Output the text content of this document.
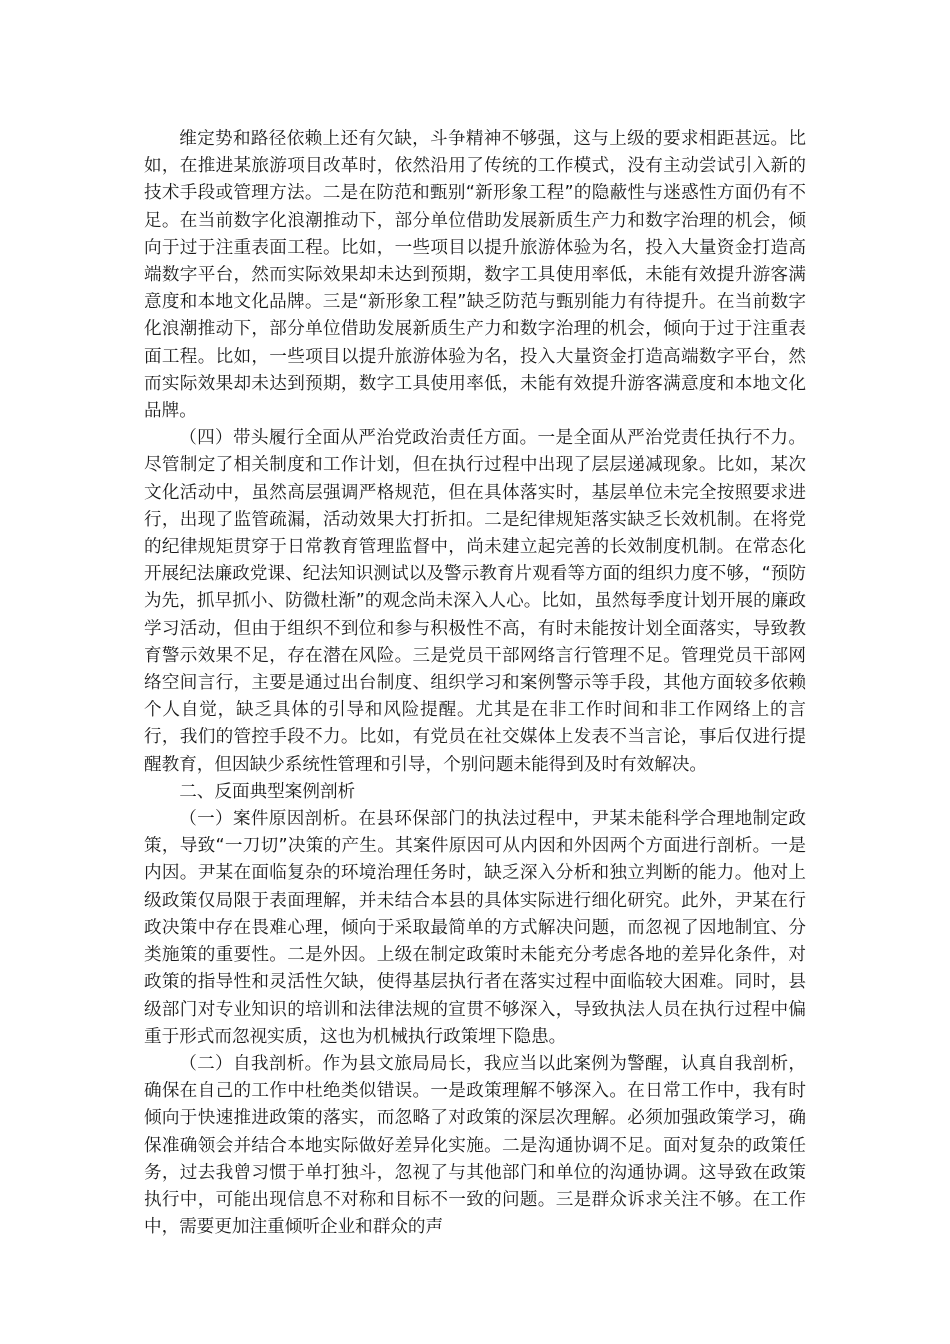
维定势和路径依赖上还有欠缺，斗争精神不够强，这与上级的要求相距甚远。比如，在推进某旅游项目改革时，依然沿用了传统的工作模式，没有主动尝试引入新的技术手段或管理方法。二是在防范和甄别“新形象工程”的隐蔽性与迷惑性方面仍有不足。在当前数字化浪潮推动下，部分单位借助发展新质生产力和数字治理的机会，倾向于过于注重表面工程。比如，一些项目以提升旅游体验为名，投入大量资金打造高端数字平台，然而实际效果却未达到预期，数字工具使用率低，未能有效提升游客满意度和本地文化品牌。三是“新形象工程”缺乏防范与甄别能力有待提升。在当前数字化浪潮推动下，部分单位借助发展新质生产力和数字治理的机会，倾向于过于注重表面工程。比如，一些项目以提升旅游体验为名，投入大量资金打造高端数字平台，然而实际效果却未达到预期，数字工具使用率低，未能有效提升游客满意度和本地文化品牌。

（四）带头履行全面从严治党政治责任方面。一是全面从严治党责任执行不力。尽管制定了相关制度和工作计划，但在执行过程中出现了层层递减现象。比如，某次文化活动中，虽然高层强调严格规范，但在具体落实时，基层单位未完全按照要求进行，出现了监管疏漏，活动效果大打折扣。二是纪律规矩落实缺乏长效机制。在将党的纪律规矩贯穿于日常教育管理监督中，尚未建立起完善的长效制度机制。在常态化开展纪法廉政党课、纪法知识测试以及警示教育片观看等方面的组织力度不够，“预防为先，抓早抓小、防微杜渐”的观念尚未深入人心。比如，虽然每季度计划开展的廉政学习活动，但由于组织不到位和参与积极性不高，有时未能按计划全面落实，导致教育警示效果不足，存在潜在风险。三是党员干部网络言行管理不足。管理党员干部网络空间言行，主要是通过出台制度、组织学习和案例警示等手段，其他方面较多依赖个人自觉，缺乏具体的引导和风险提醒。尤其是在非工作时间和非工作网络上的言行，我们的管控手段不力。比如，有党员在社交媒体上发表不当言论，事后仅进行提醒教育，但因缺少系统性管理和引导，个别问题未能得到及时有效解决。

二、反面典型案例剖析

（一）案件原因剖析。在县环保部门的执法过程中，尹某未能科学合理地制定政策，导致“一刀切”决策的产生。其案件原因可从内因和外因两个方面进行剖析。一是内因。尹某在面临复杂的环境治理任务时，缺乏深入分析和独立判断的能力。他对上级政策仅局限于表面理解，并未结合本县的具体实际进行细化研究。此外，尹某在行政决策中存在畏难心理，倾向于采取最简单的方式解决问题，而忽视了因地制宜、分类施策的重要性。二是外因。上级在制定政策时未能充分考虑各地的差异化条件，对政策的指导性和灵活性欠缺，使得基层执行者在落实过程中面临较大困难。同时，县级部门对专业知识的培训和法律法规的宣贯不够深入，导致执法人员在执行过程中偏重于形式而忽视实质，这也为机械执行政策埋下隐患。

（二）自我剖析。作为县文旅局局长，我应当以此案例为警醒，认真自我剖析，确保在自己的工作中杜绝类似错误。一是政策理解不够深入。在日常工作中，我有时倾向于快速推进政策的落实，而忽略了对政策的深层次理解。必须加强政策学习，确保准确领会并结合本地实际做好差异化实施。二是沟通协调不足。面对复杂的政策任务，过去我曾习惯于单打独斗，忽视了与其他部门和单位的沟通协调。这导致在政策执行中，可能出现信息不对称和目标不一致的问题。三是群众诉求关注不够。在工作中，需要更加注重倾听企业和群众的声
